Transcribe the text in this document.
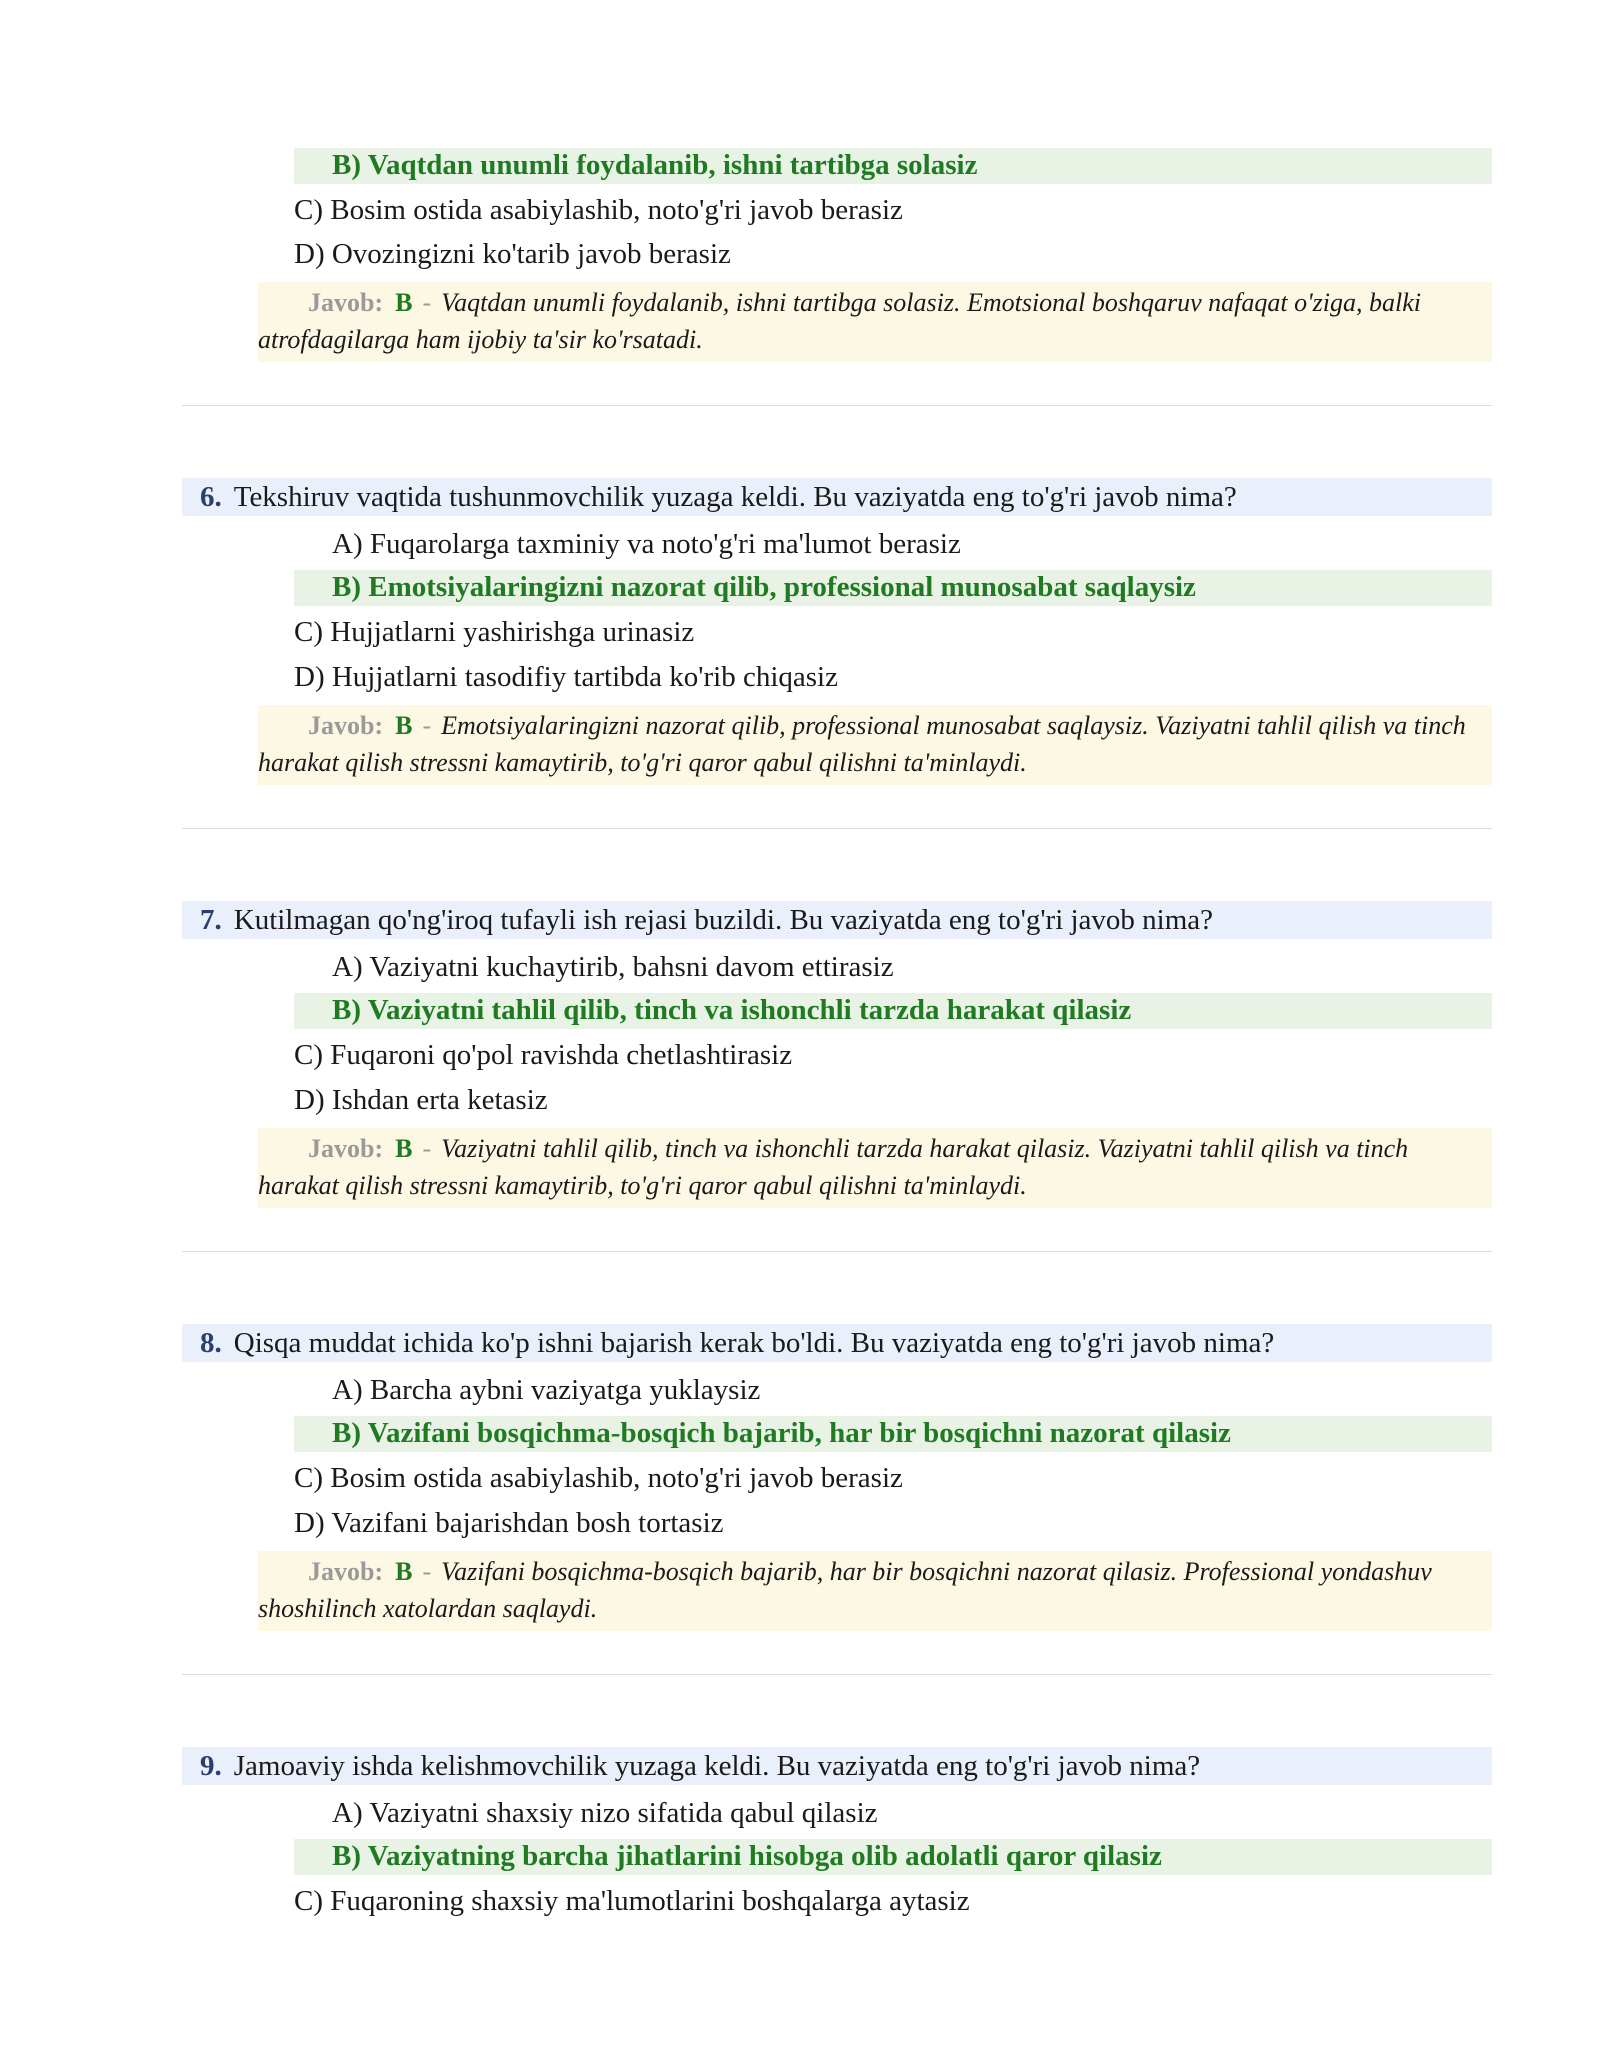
B) Vaqtdan unumli foydalanib, ishni tartibga solasiz
C) Bosim ostida asabiylashib, noto'g'ri javob berasiz
D) Ovozingizni ko'tarib javob berasiz
Javob: B - Vaqtdan unumli foydalanib, ishni tartibga solasiz. Emotsional boshqaruv nafaqat o'ziga, balki atrofdagilarga ham ijobiy ta'sir ko'rsatadi.
6. Tekshiruv vaqtida tushunmovchilik yuzaga keldi. Bu vaziyatda eng to'g'ri javob nima?
A) Fuqarolarga taxminiy va noto'g'ri ma'lumot berasiz
B) Emotsiyalaringizni nazorat qilib, professional munosabat saqlaysiz
C) Hujjatlarni yashirishga urinasiz
D) Hujjatlarni tasodifiy tartibda ko'rib chiqasiz
Javob: B - Emotsiyalaringizni nazorat qilib, professional munosabat saqlaysiz. Vaziyatni tahlil qilish va tinch harakat qilish stressni kamaytirib, to'g'ri qaror qabul qilishni ta'minlaydi.
7. Kutilmagan qo'ng'iroq tufayli ish rejasi buzildi. Bu vaziyatda eng to'g'ri javob nima?
A) Vaziyatni kuchaytirib, bahsni davom ettirasiz
B) Vaziyatni tahlil qilib, tinch va ishonchli tarzda harakat qilasiz
C) Fuqaroni qo'pol ravishda chetlashtirasiz
D) Ishdan erta ketasiz
Javob: B - Vaziyatni tahlil qilib, tinch va ishonchli tarzda harakat qilasiz. Vaziyatni tahlil qilish va tinch harakat qilish stressni kamaytirib, to'g'ri qaror qabul qilishni ta'minlaydi.
8. Qisqa muddat ichida ko'p ishni bajarish kerak bo'ldi. Bu vaziyatda eng to'g'ri javob nima?
A) Barcha aybni vaziyatga yuklaysiz
B) Vazifani bosqichma-bosqich bajarib, har bir bosqichni nazorat qilasiz
C) Bosim ostida asabiylashib, noto'g'ri javob berasiz
D) Vazifani bajarishdan bosh tortasiz
Javob: B - Vazifani bosqichma-bosqich bajarib, har bir bosqichni nazorat qilasiz. Professional yondashuv shoshilinch xatolardan saqlaydi.
9. Jamoaviy ishda kelishmovchilik yuzaga keldi. Bu vaziyatda eng to'g'ri javob nima?
A) Vaziyatni shaxsiy nizo sifatida qabul qilasiz
B) Vaziyatning barcha jihatlarini hisobga olib adolatli qaror qilasiz
C) Fuqaroning shaxsiy ma'lumotlarini boshqalarga aytasiz
